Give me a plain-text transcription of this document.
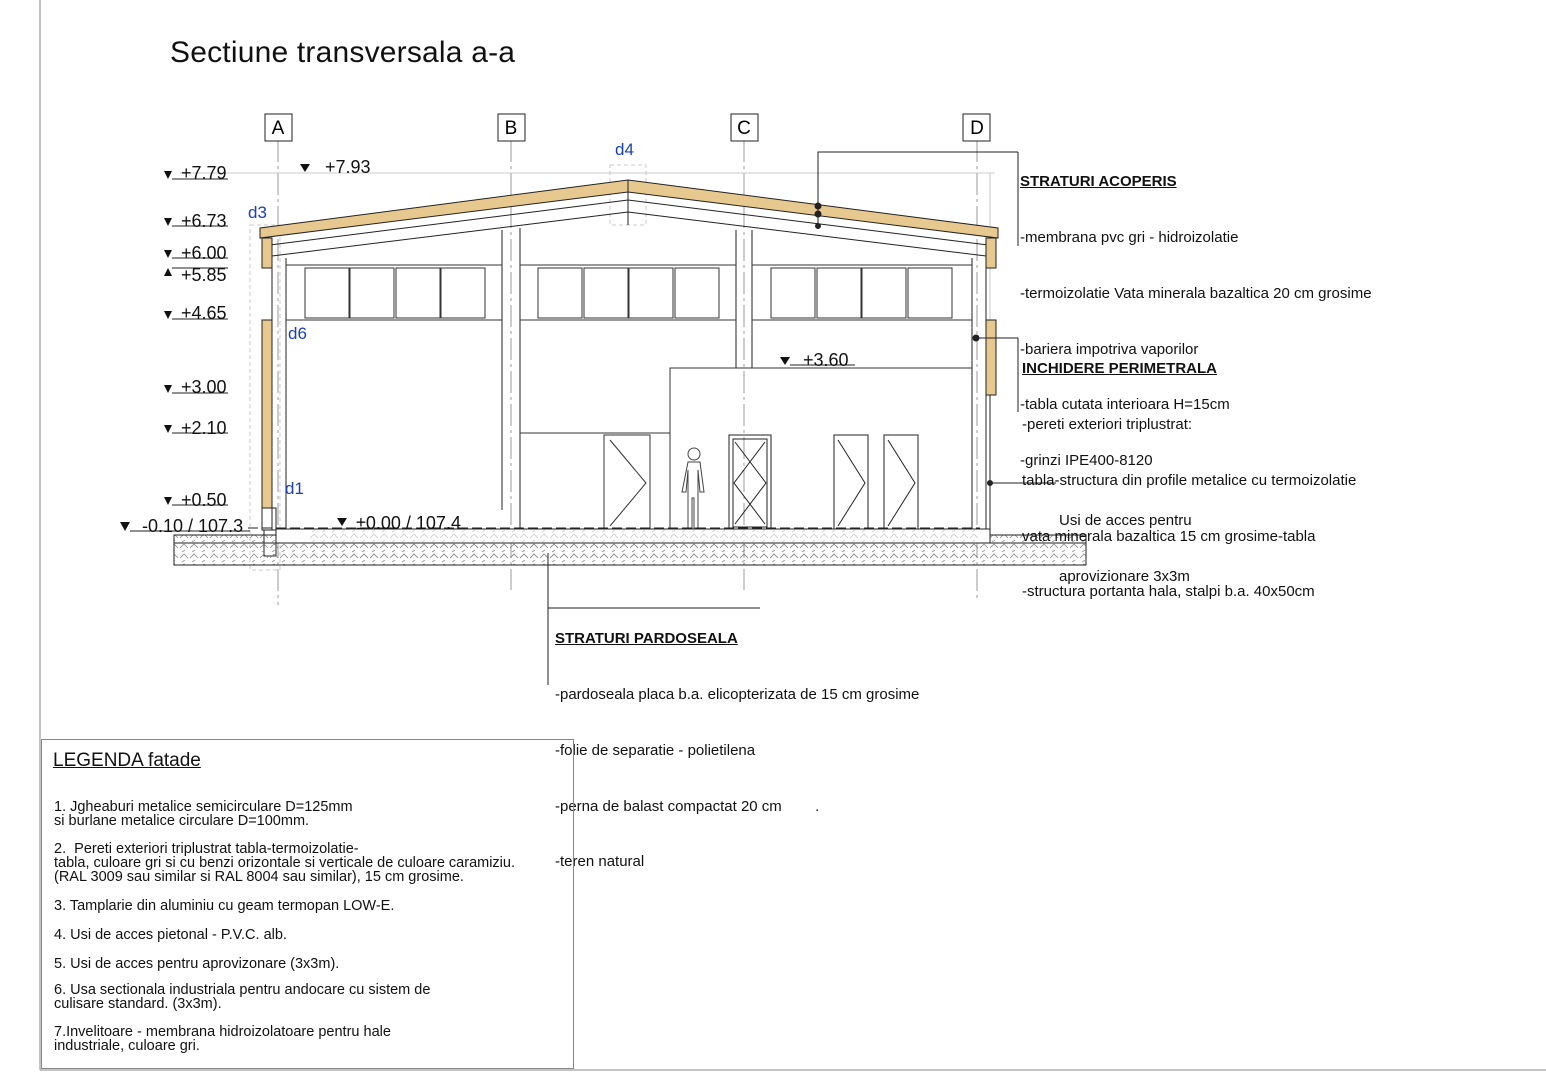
A	B	C	D
+7.79
+6.73
+6.00
+5.85
+4.65
+3.00
+2.10
+0.50
-0.10 / 107.3
+7.93
±0.00 / 107.4
+3.60
d1
d3
d4
d6
Sectiune transversala a-a

STRATURI ACOPERIS

-membrana pvc gri - hidroizolatie

-termoizolatie Vata minerala bazaltica 20 cm grosime

-bariera impotriva vaporilor

-tabla cutata interioara H=15cm

-grinzi IPE400-8120

INCHIDERE PERIMETRALA

-pereti exteriori triplustrat:

tabla-structura din profile metalice cu termoizolatie

vata minerala bazaltica 15 cm grosime-tabla

-structura portanta hala, stalpi b.a. 40x50cm

Usi de acces pentru

aprovizionare 3x3m

STRATURI PARDOSEALA

-pardoseala placa b.a. elicopterizata de 15 cm grosime

-folie de separatie - polietilena

-perna de balast compactat 20 cm        .

-teren natural

LEGENDA fatade
1. Jgheaburi metalice semicirculare D=125mm
si burlane metalice circulare D=100mm.
2.  Pereti exteriori triplustrat tabla-termoizolatie-
tabla, culoare gri si cu benzi orizontale si verticale de culoare caramiziu.
(RAL 3009 sau similar si RAL 8004 sau similar), 15 cm grosime.
3. Tamplarie din aluminiu cu geam termopan LOW-E.
4. Usi de acces pietonal - P.V.C. alb.
5. Usi de acces pentru aprovizonare (3x3m).
6. Usa sectionala industriala pentru andocare cu sistem de
culisare standard. (3x3m).
7.Invelitoare - membrana hidroizolatoare pentru hale
industriale, culoare gri.
